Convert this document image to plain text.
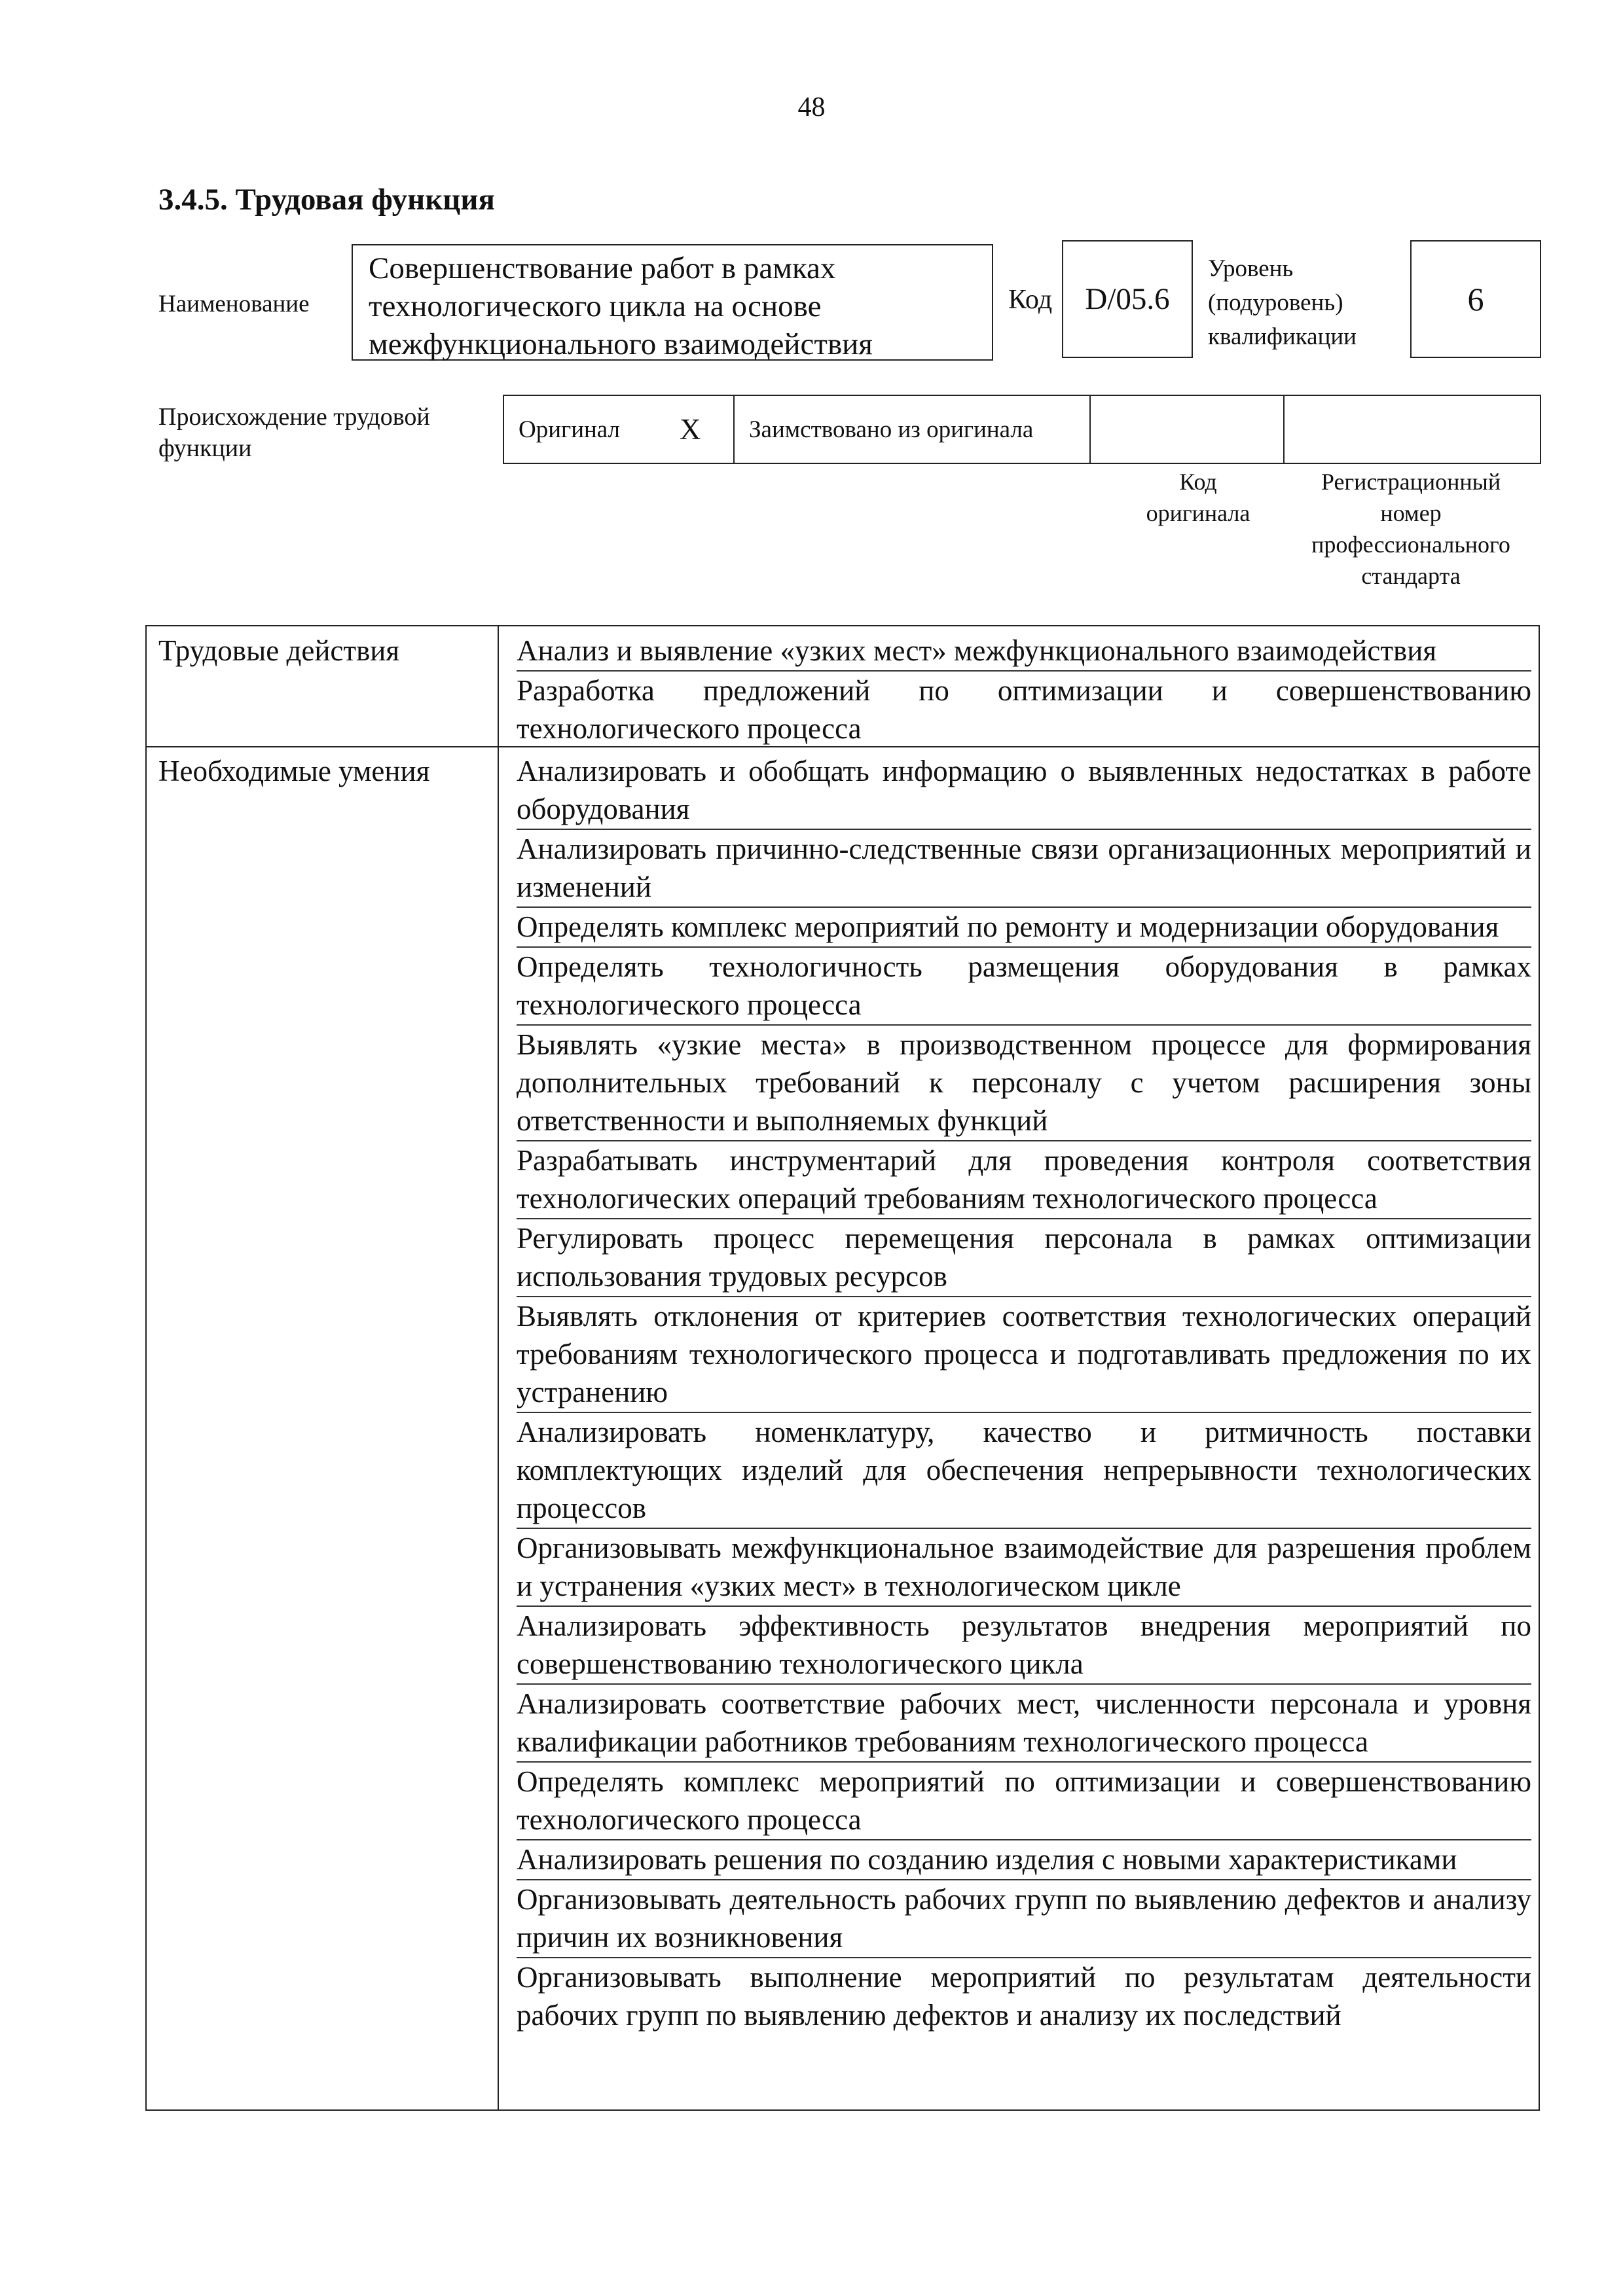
48
3.4.5. Трудовая функция
Наименование
Совершенствование работ в рамках технологического цикла на основе межфункционального взаимодействия
Код D/05.6
Уровень
(подуровень)
квалификации
6
Происхождение трудовой функции
Оригинал X Заимствовано из оригинала
Код
оригинала
Регистрационный
номер
профессионального
стандарта
Трудовые действия	Анализ и выявление «узких мест» межфункционального взаимодействия
Разработка предложений по оптимизации и совершенствованию технологического процесса
Необходимые умения	Анализировать и обобщать информацию о выявленных недостатках в работе оборудования
Анализировать причинно-следственные связи организационных мероприятий и изменений
Определять комплекс мероприятий по ремонту и модернизации оборудования
Определять технологичность размещения оборудования в рамках технологического процесса
Выявлять «узкие места» в производственном процессе для формирования дополнительных требований к персоналу с учетом расширения зоны ответственности и выполняемых функций
Разрабатывать инструментарий для проведения контроля соответствия технологических операций требованиям технологического процесса
Регулировать процесс перемещения персонала в рамках оптимизации использования трудовых ресурсов
Выявлять отклонения от критериев соответствия технологических операций требованиям технологического процесса и подготавливать предложения по их устранению
Анализировать номенклатуру, качество и ритмичность поставки комплектующих изделий для обеспечения непрерывности технологических процессов
Организовывать межфункциональное взаимодействие для разрешения проблем и устранения «узких мест» в технологическом цикле
Анализировать эффективность результатов внедрения мероприятий по совершенствованию технологического цикла
Анализировать соответствие рабочих мест, численности персонала и уровня квалификации работников требованиям технологического процесса
Определять комплекс мероприятий по оптимизации и совершенствованию технологического процесса
Анализировать решения по созданию изделия с новыми характеристиками
Организовывать деятельность рабочих групп по выявлению дефектов и анализу причин их возникновения
Организовывать выполнение мероприятий по результатам деятельности рабочих групп по выявлению дефектов и анализу их последствий
